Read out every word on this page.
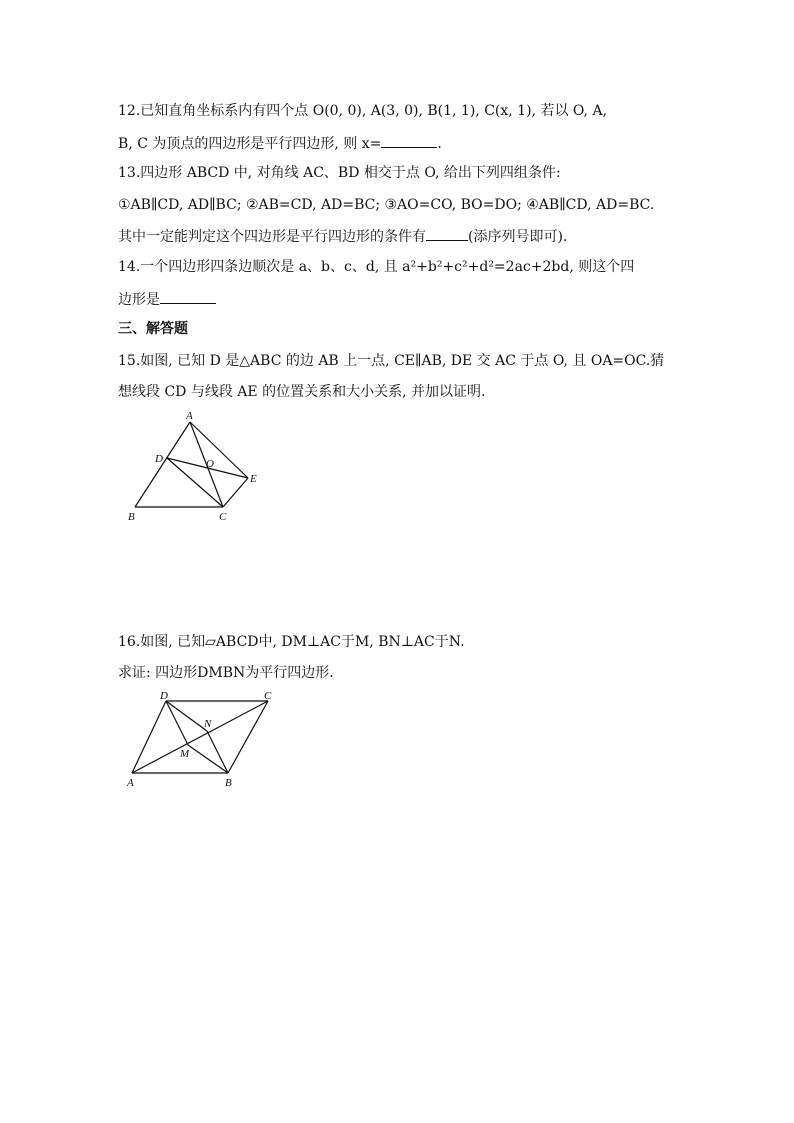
12.已知直角坐标系内有四个点 O(0, 0), A(3, 0), B(1, 1), C(x, 1), 若以 O, A,
B, C 为顶点的四边形是平行四边形, 则 x=	.
13.四边形 ABCD 中, 对角线 AC、BD 相交于点 O, 给出下列四组条件:
①AB∥CD, AD∥BC; ②AB=CD, AD=BC; ③AO=CO, BO=DO; ④AB∥CD, AD=BC.
其中一定能判定这个四边形是平行四边形的条件有	(添序列号即可).
14.一个四边形四条边顺次是 a、b、c、d, 且 a²+b²+c²+d²=2ac+2bd, 则这个四
边形是
三、解答题
15.如图, 已知 D 是△ABC 的边 AB 上一点, CE∥AB, DE 交 AC 于点 O, 且 OA=OC.猜
想线段 CD 与线段 AE 的位置关系和大小关系, 并加以证明.
A
B	C
D
E
O
16.如图, 已知▱ABCD中, DM⊥AC于M, BN⊥AC于N.
求证: 四边形DMBN为平行四边形.
D	C
A	B
M
N
